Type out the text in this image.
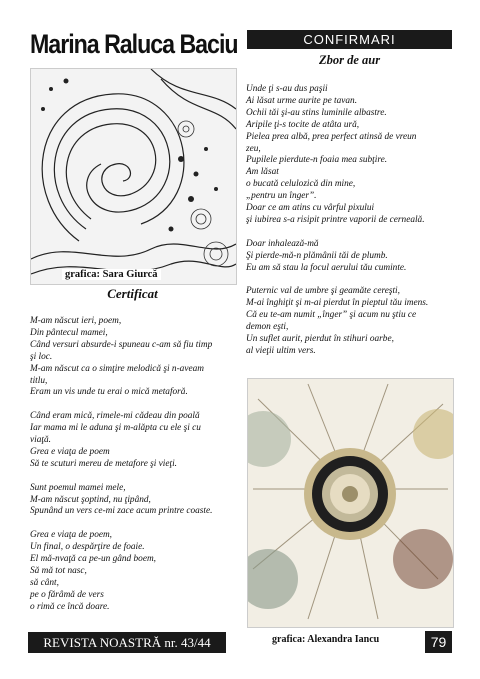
Marina Raluca Baciu	CONFIRMARI
Zbor de aur
grafica: Sara Giurcă
Certificat
M-am născut ieri, poem,
Din pântecul mamei,
Când versuri absurde-i spuneau c-am să fiu timp
şi loc.
M-am născut ca o simţire melodică şi n-aveam
titlu,
Eram un vis unde tu erai o mică metaforă.
Când eram mică, rimele-mi cădeau din poală
Iar mama mi le aduna şi m-alăpta cu ele şi cu
viaţă.
Grea e viaţa de poem
Să te scuturi mereu de metafore şi vieţi.
Sunt poemul mamei mele,
M-am născut şoptind, nu ţipând,
Spunând un vers ce-mi zace acum printre coaste.
Grea e viaţa de poem,
Un final, o despărţire de foaie.
El mă-nvaţă ca pe-un gând boem,
Să mă tot nasc,
să cânt,
pe o fărâmă de vers
o rimă ce încă doare.
Unde ţi s-au dus paşii
Ai lăsat urme aurite pe tavan.
Ochii tăi şi-au stins luminile albastre.
Aripile ţi-s tocite de atâta ură,
Pielea prea albă, prea perfect atinsă de vreun
zeu,
Pupilele pierdute-n foaia mea subţire.
Am lăsat
o bucată celulozică din mine,
„pentru un înger”.
Doar ce am atins cu vârful pixului
şi iubirea s-a risipit printre vaporii de cerneală.
Doar inhalează-mă
Şi pierde-mă-n plămânii tăi de plumb.
Eu am să stau la focul aerului tău cuminte.
Puternic val de umbre şi geamăte cereşti,
M-ai înghiţit şi m-ai pierdut în pieptul tău imens.
Că eu te-am numit „înger” şi acum nu ştiu ce
demon eşti,
Un suflet aurit, pierdut în stihuri oarbe,
al vieţii ultim vers.
REVISTA NOASTRĂ nr. 43/44	grafica: Alexandra Iancu	79
